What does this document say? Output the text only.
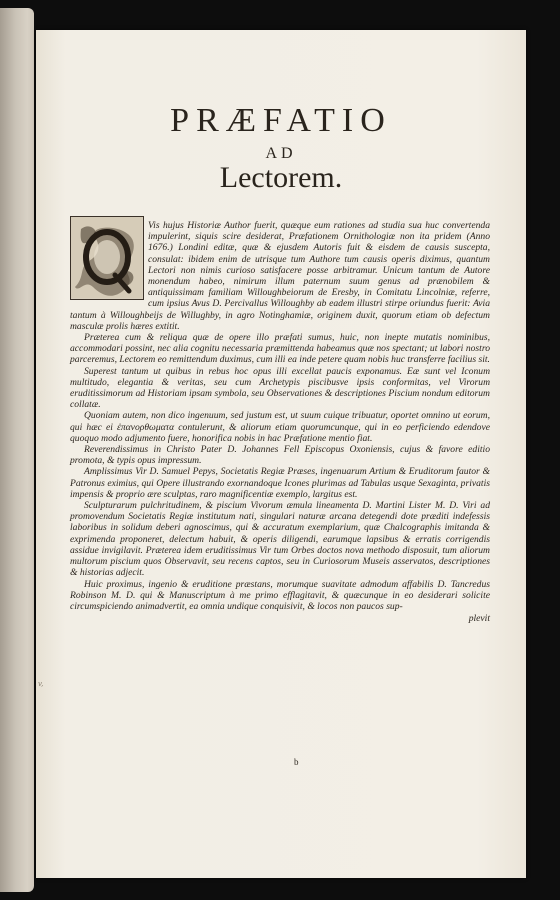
v,
PRÆFATIO
AD
Lectorem.

Vis hujus Historiæ Author fuerit, quæque eum rationes ad studia sua huc convertenda impulerint, siquis scire desiderat, Præfationem Ornithologiæ non ita pridem (Anno 1676.) Londini editæ, quæ & ejusdem Autoris fuit & eisdem de causis suscepta, consulat: ibidem enim de utrisque tum Authore tum causis operis diximus, quantum Lectori non nimis curioso satisfacere posse arbitramur. Unicum tantum de Autore monendum habeo, nimirum illum paternum suum genus ad prænobilem & antiquissimam familiam Willoughbeiorum de Eresby, in Comitatu Lincolniæ, referre, cum ipsius Avus D. Percivallus Willoughby ab eadem illustri stirpe oriundus fuerit: Avia tantum à Willoughbeijs de Willughby, in agro Notinghamiæ, originem duxit, quorum etiam ob defectum masculæ prolis hæres extitit.

Præterea cum & reliqua quæ de opere illo præfati sumus, huic, non inepte mutatis nominibus, accommodari possint, nec alia cognitu necessaria præmittenda habeamus quæ nos spectant; ut labori nostro parceremus, Lectorem eo remittendum duximus, cum illi ea inde petere quam nobis huc transferre facilius sit.

Superest tantum ut quibus in rebus hoc opus illi excellat paucis exponamus. Eæ sunt vel Iconum multitudo, elegantia & veritas, seu cum Archetypis piscibusve ipsis conformitas, vel Virorum eruditissimorum ad Historiam ipsam symbola, seu Observationes & descriptiones Piscium nondum editorum collatæ.

Quoniam autem, non dico ingenuum, sed justum est, ut suum cuique tribuatur, oportet omnino ut eorum, qui hæc ei ἐπανορθωματα contulerunt, & aliorum etiam quorumcunque, qui in eo perficiendo edendove quoquo modo adjumento fuere, honorifica nobis in hac Præfatione mentio fiat.

Reverendissimus in Christo Pater D. Johannes Fell Episcopus Oxoniensis, cujus & favore editio promota, & typis opus impressum.

Amplissimus Vir D. Samuel Pepys, Societatis Regiæ Præses, ingenuarum Artium & Eruditorum fautor & Patronus eximius, qui Opere illustrando exornandoque Icones plurimas ad Tabulas usque Sexaginta, privatis impensis & proprio ære sculptas, raro magnificentiæ exemplo, largitus est.

Sculpturarum pulchritudinem, & piscium Vivorum æmula lineamenta D. Martini Lister M. D. Viri ad promovendum Societatis Regiæ institutum nati, singulari naturæ arcana detegendi dote præditi indefessis laboribus in solidum deberi agnoscimus, qui & accuratum exemplarium, quæ Chalcographis imitanda & exprimenda proponeret, delectum habuit, & operis diligendi, earumque lapsibus & erratis corrigendis assidue invigilavit. Præterea idem eruditissimus Vir tum Orbes doctos nova methodo disposuit, tum aliorum multorum piscium quos Observavit, seu recens captos, seu in Curiosorum Museis asservatos, descriptiones & historias adjecit.

Huic proximus, ingenio & eruditione præstans, morumque suavitate admodum affabilis D. Tancredus Robinson M. D. qui & Manuscriptum à me primo efflagitavit, & quæcunque in eo desiderari solicite circumspiciendo animadvertit, ea omnia undique conquisivit, & locos non paucos sup-

plevit
b
